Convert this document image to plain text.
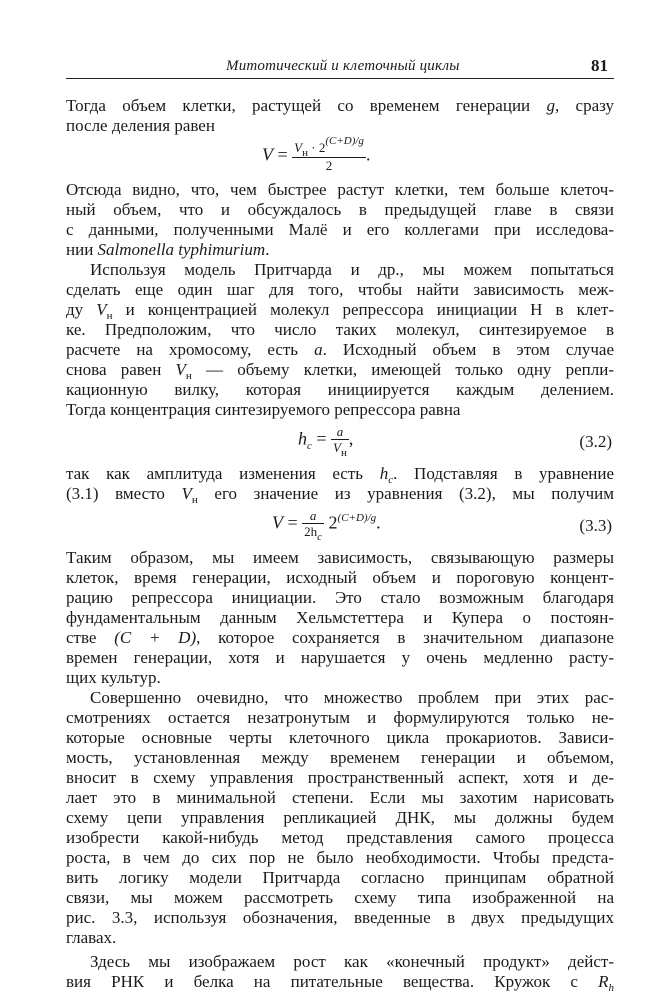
Митотический и клеточный циклы	81
Тогда объем клетки, растущей со временем генерации g, сразу
после деления равен
$V = \frac{V_н \cdot 2^{(C+D)/g}}{2}$ .
Отсюда видно, что, чем быстрее растут клетки, тем больше клеточ-
ный объем, что и обсуждалось в предыдущей главе в связи
с данными, полученными Малё и его коллегами при исследова-
нии Salmonella typhimurium.
Используя модель Притчарда и др., мы можем попытаться
сделать еще один шаг для того, чтобы найти зависимость меж-
ду $V_н$ и концентрацией молекул репрессора инициации H в клет-
ке. Предположим, что число таких молекул, синтезируемое в
расчете на хромосому, есть a. Исходный объем в этом случае
снова равен $V_н$ — объему клетки, имеющей только одну репли-
кационную вилку, которая инициируется каждым делением.
Тогда концентрация синтезируемого репрессора равна
$h_c = \frac{a}{V_н}$ ,	(3.2)
так как амплитуда изменения есть $h_c$. Подставляя в уравнение
(3.1) вместо $V_н$ его значение из уравнения (3.2), мы получим
$V = \frac{a}{2h_c} 2^{(C+D)/g}$.	(3.3)
Таким образом, мы имеем зависимость, связывающую размеры
клеток, время генерации, исходный объем и пороговую концент-
рацию репрессора инициации. Это стало возможным благодаря
фундаментальным данным Хельмстеттера и Купера о постоян-
стве (C + D), которое сохраняется в значительном диапазоне
времен генерации, хотя и нарушается у очень медленно расту-
щих культур.
Совершенно очевидно, что множество проблем при этих рас-
смотрениях остается незатронутым и формулируются только не-
которые основные черты клеточного цикла прокариотов. Зависи-
мость, установленная между временем генерации и объемом,
вносит в схему управления пространственный аспект, хотя и де-
лает это в минимальной степени. Если мы захотим нарисовать
схему цепи управления репликацией ДНК, мы должны будем
изобрести какой-нибудь метод представления самого процесса
роста, в чем до сих пор не было необходимости. Чтобы предста-
вить логику модели Притчарда согласно принципам обратной
связи, мы можем рассмотреть схему типа изображенной на
рис. 3.3, используя обозначения, введенные в двух предыдущих
главах.
Здесь мы изображаем рост как «конечный продукт» дейст-
вия РНК и белка на питательные вещества. Кружок с $R_h$
